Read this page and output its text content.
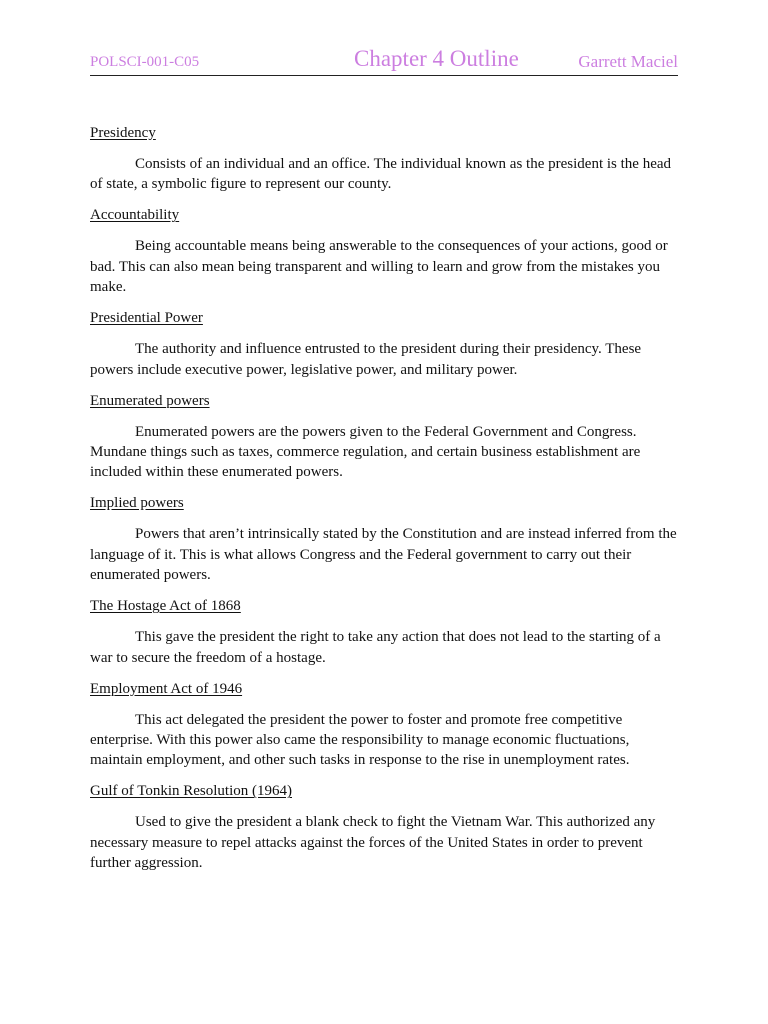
POLSCI-001-C05	Chapter 4 Outline	Garrett Maciel

Presidency

Consists of an individual and an office. The individual known as the president is the head of state, a symbolic figure to represent our county.

Accountability

Being accountable means being answerable to the consequences of your actions, good or bad. This can also mean being transparent and willing to learn and grow from the mistakes you make.

Presidential Power

The authority and influence entrusted to the president during their presidency. These powers include executive power, legislative power, and military power.

Enumerated powers

Enumerated powers are the powers given to the Federal Government and Congress. Mundane things such as taxes, commerce regulation, and certain business establishment are included within these enumerated powers.

Implied powers

Powers that aren’t intrinsically stated by the Constitution and are instead inferred from the language of it. This is what allows Congress and the Federal government to carry out their enumerated powers.

The Hostage Act of 1868

This gave the president the right to take any action that does not lead to the starting of a war to secure the freedom of a hostage.

Employment Act of 1946

This act delegated the president the power to foster and promote free competitive enterprise. With this power also came the responsibility to manage economic fluctuations, maintain employment, and other such tasks in response to the rise in unemployment rates.

Gulf of Tonkin Resolution (1964)

Used to give the president a blank check to fight the Vietnam War. This authorized any necessary measure to repel attacks against the forces of the United States in order to prevent further aggression.
